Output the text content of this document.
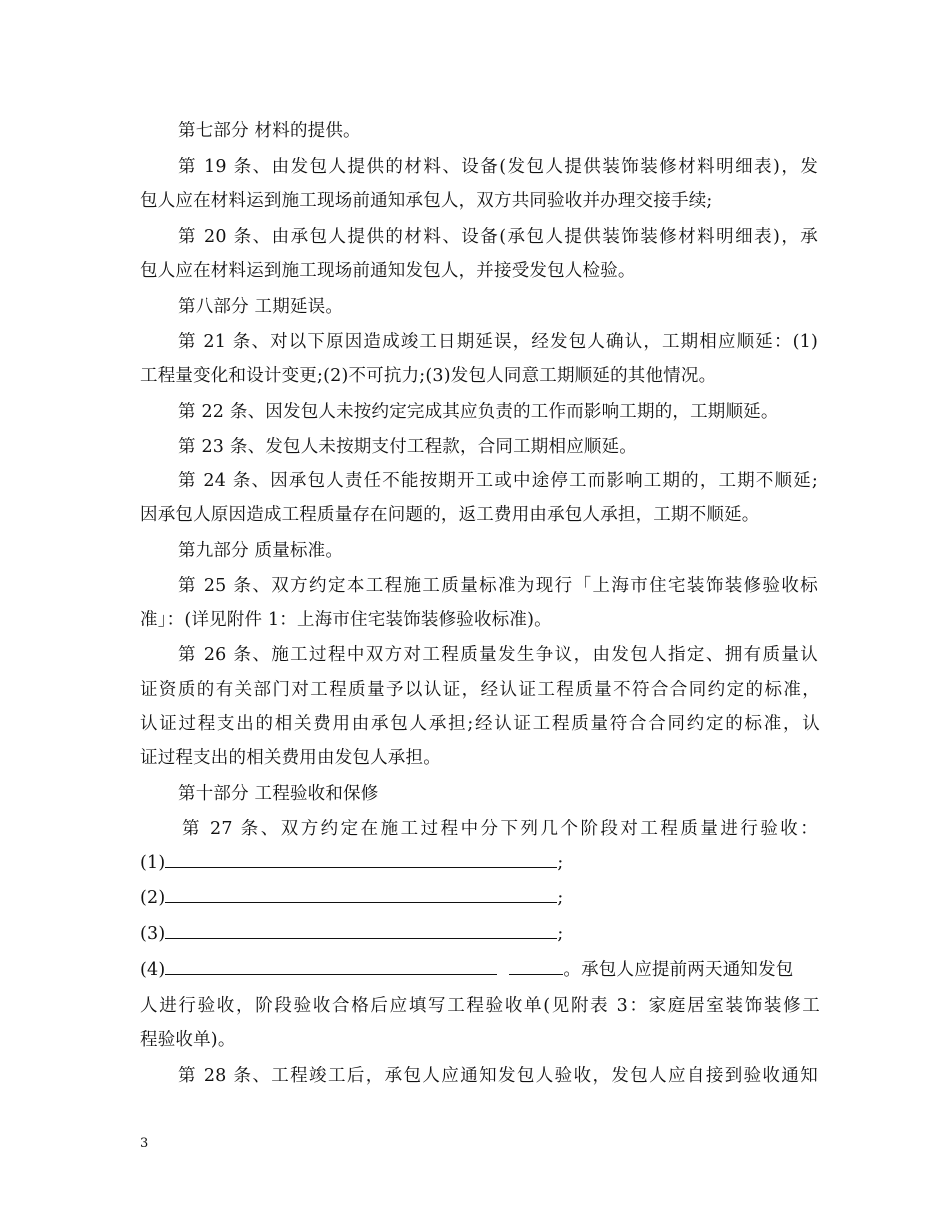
第七部分 材料的提供。
第 19 条、由发包人提供的材料、设备(发包人提供装饰装修材料明细表)，发
包人应在材料运到施工现场前通知承包人，双方共同验收并办理交接手续;
第 20 条、由承包人提供的材料、设备(承包人提供装饰装修材料明细表)，承
包人应在材料运到施工现场前通知发包人，并接受发包人检验。
第八部分 工期延误。
第 21 条、对以下原因造成竣工日期延误，经发包人确认，工期相应顺延：(1)
工程量变化和设计变更;(2)不可抗力;(3)发包人同意工期顺延的其他情况。
第 22 条、因发包人未按约定完成其应负责的工作而影响工期的，工期顺延。
第 23 条、发包人未按期支付工程款，合同工期相应顺延。
第 24 条、因承包人责任不能按期开工或中途停工而影响工期的，工期不顺延;
因承包人原因造成工程质量存在问题的，返工费用由承包人承担，工期不顺延。
第九部分 质量标准。
第 25 条、双方约定本工程施工质量标准为现行「上海市住宅装饰装修验收标
准」：(详见附件 1：上海市住宅装饰装修验收标准)。
第 26 条、施工过程中双方对工程质量发生争议，由发包人指定、拥有质量认
证资质的有关部门对工程质量予以认证，经认证工程质量不符合合同约定的标准，
认证过程支出的相关费用由承包人承担;经认证工程质量符合合同约定的标准，认
证过程支出的相关费用由发包人承担。
第十部分 工程验收和保修
第 27 条、双方约定在施工过程中分下列几个阶段对工程质量进行验收：
(1)	;
(2)	;
(3)	;
(4)	。承包人应提前两天通知发包
人进行验收，阶段验收合格后应填写工程验收单(见附表 3：家庭居室装饰装修工
程验收单)。
第 28 条、工程竣工后，承包人应通知发包人验收，发包人应自接到验收通知
3
